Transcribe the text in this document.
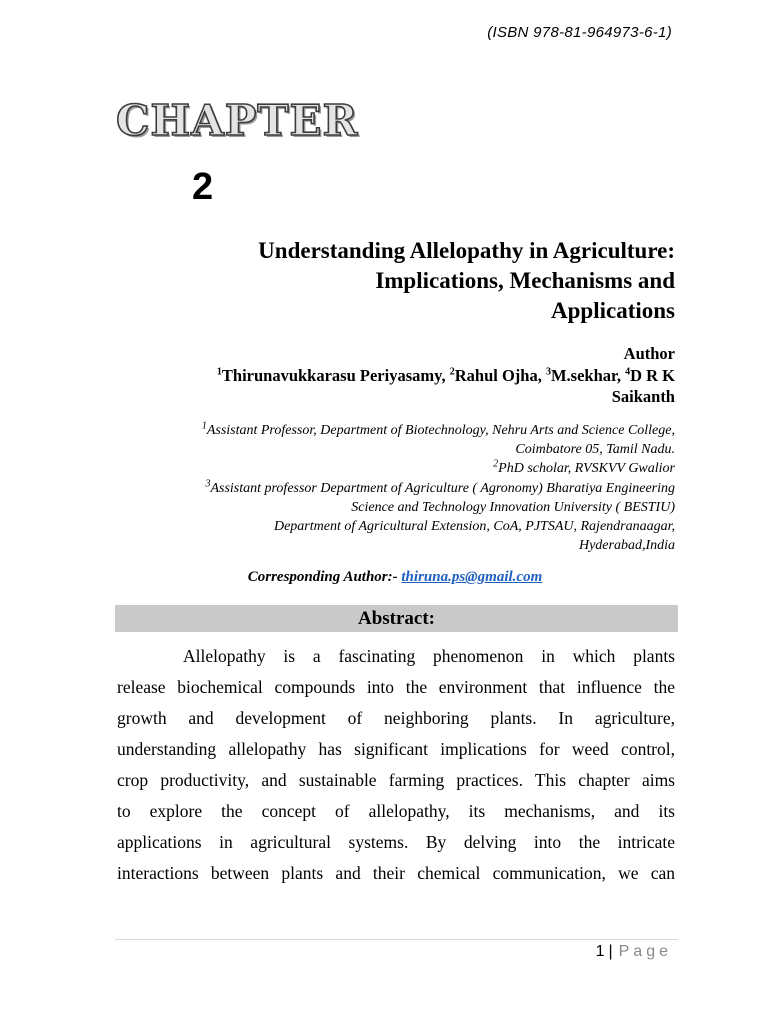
(ISBN 978-81-964973-6-1)
CHAPTER
2
Understanding Allelopathy in Agriculture:
Implications, Mechanisms and
Applications
Author
$^1$Thirunavukkarasu Periyasamy, $^2$Rahul Ojha, $^3$M.sekhar, $^4$D R K
Saikanth
$^1$Assistant Professor, Department of Biotechnology, Nehru Arts and Science College,
Coimbatore 05, Tamil Nadu.
$^2$PhD scholar, RVSKVV Gwalior
$^3$Assistant professor Department of Agriculture ( Agronomy) Bharatiya Engineering
Science and Technology Innovation University ( BESTIU)
Department of Agricultural Extension, CoA, PJTSAU, Rajendranaagar,
Hyderabad,India
Corresponding Author:- thiruna.ps@gmail.com
Abstract:
Allelopathy is a fascinating phenomenon in which plants
release biochemical compounds into the environment that influence the
growth and development of neighboring plants. In agriculture,
understanding allelopathy has significant implications for weed control,
crop productivity, and sustainable farming practices. This chapter aims
to explore the concept of allelopathy, its mechanisms, and its
applications in agricultural systems. By delving into the intricate
interactions between plants and their chemical communication, we can
1 | Page
